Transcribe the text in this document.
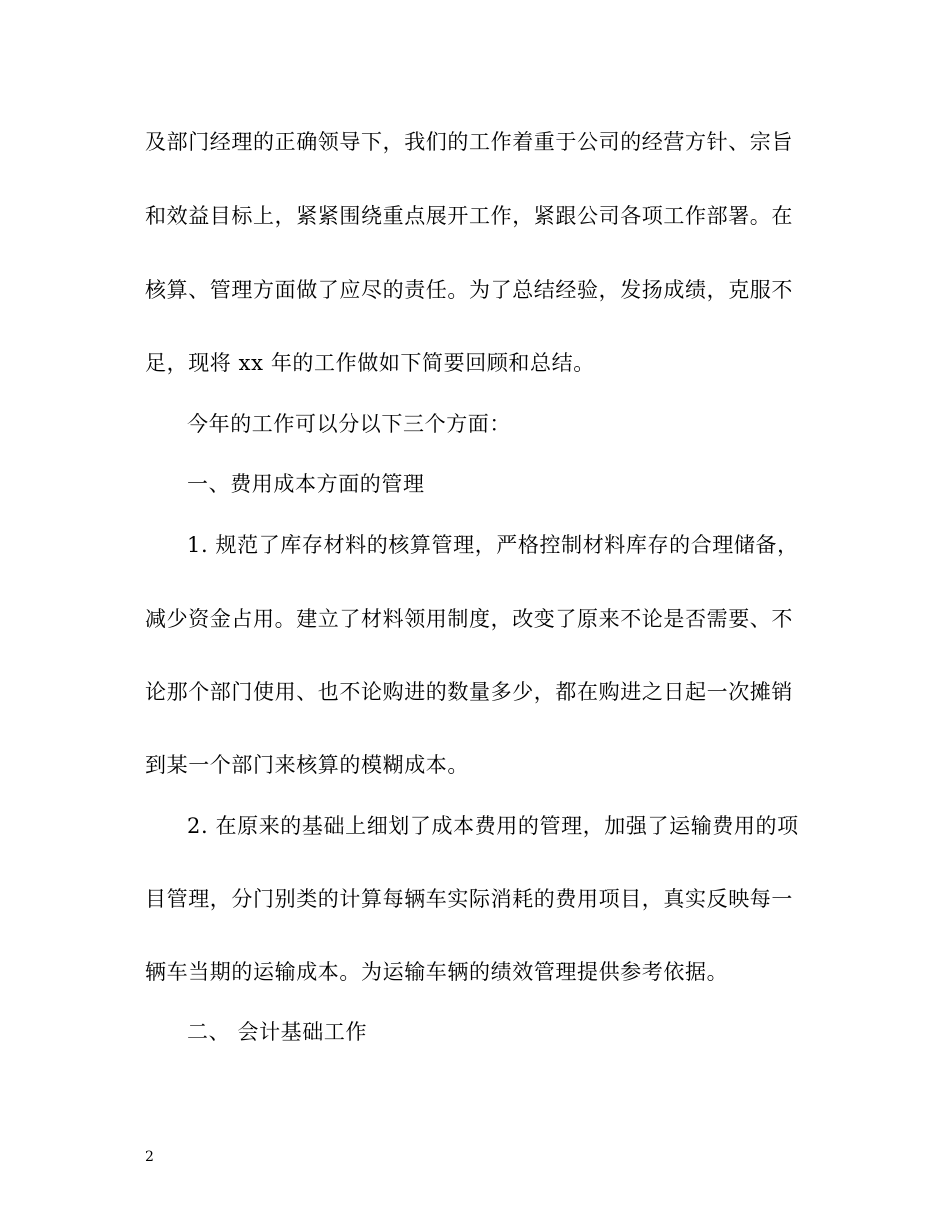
及部门经理的正确领导下，我们的工作着重于公司的经营方针、宗旨
和效益目标上，紧紧围绕重点展开工作，紧跟公司各项工作部署。在
核算、管理方面做了应尽的责任。为了总结经验，发扬成绩，克服不
足，现将 xx 年的工作做如下简要回顾和总结。
今年的工作可以分以下三个方面：
一、费用成本方面的管理
1. 规范了库存材料的核算管理，严格控制材料库存的合理储备，
减少资金占用。建立了材料领用制度，改变了原来不论是否需要、不
论那个部门使用、也不论购进的数量多少，都在购进之日起一次摊销
到某一个部门来核算的模糊成本。
2. 在原来的基础上细划了成本费用的管理，加强了运输费用的项
目管理，分门别类的计算每辆车实际消耗的费用项目，真实反映每一
辆车当期的运输成本。为运输车辆的绩效管理提供参考依据。
二、 会计基础工作
2
